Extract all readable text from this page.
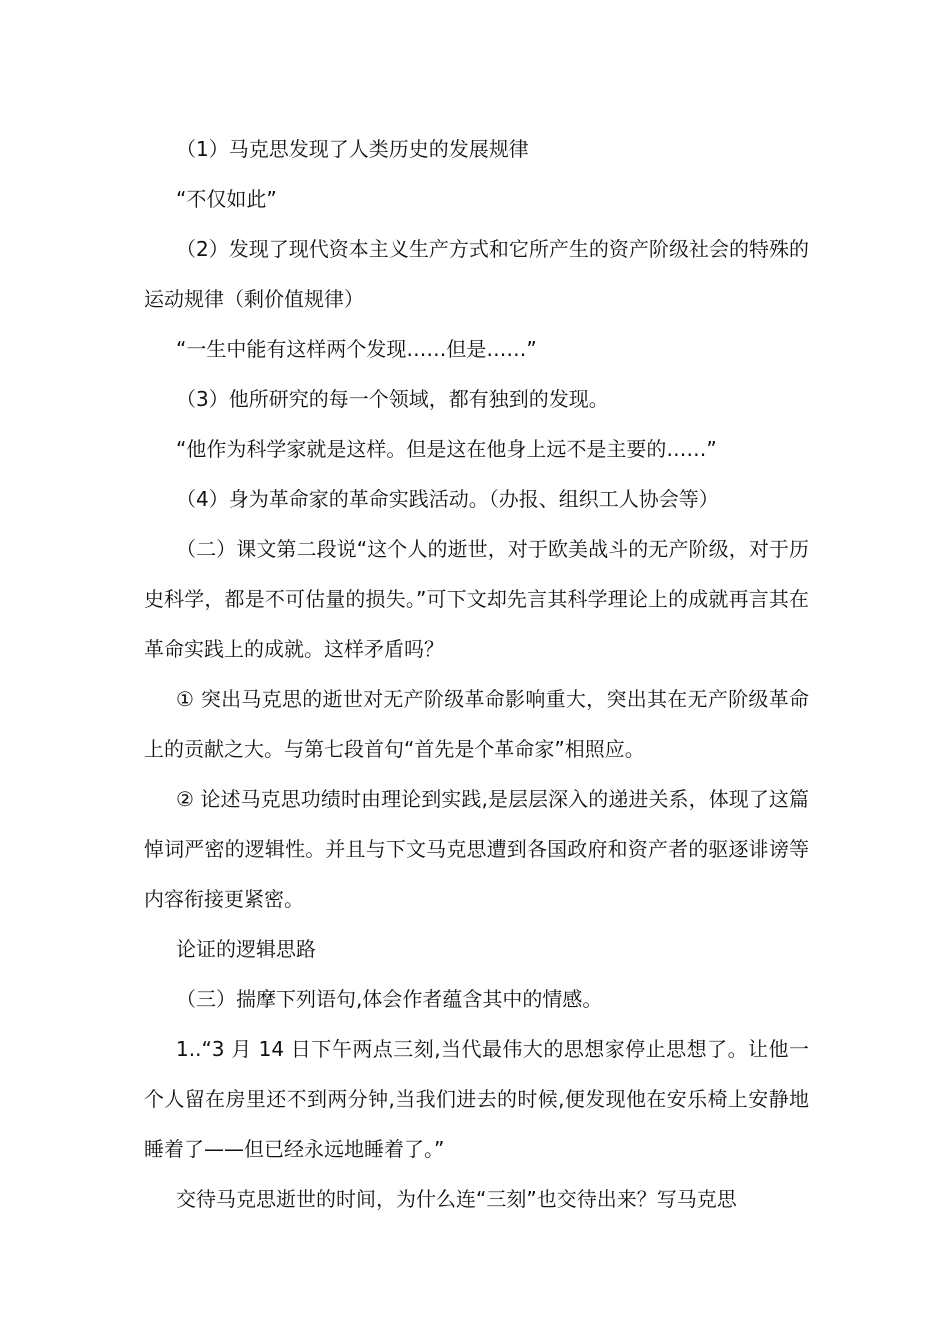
（1）马克思发现了人类历史的发展规律

“不仅如此”

（2）发现了现代资本主义生产方式和它所产生的资产阶级社会的特殊的运动规律（剩价值规律）

“一生中能有这样两个发现……但是……”

（3）他所研究的每一个领域，都有独到的发现。

“他作为科学家就是这样。但是这在他身上远不是主要的……”

（4）身为革命家的革命实践活动。（办报、组织工人协会等）

（二）课文第二段说“这个人的逝世，对于欧美战斗的无产阶级，对于历史科学，都是不可估量的损失。”可下文却先言其科学理论上的成就再言其在革命实践上的成就。这样矛盾吗？

① 突出马克思的逝世对无产阶级革命影响重大，突出其在无产阶级革命上的贡献之大。与第七段首句“首先是个革命家”相照应。

② 论述马克思功绩时由理论到实践,是层层深入的递进关系，体现了这篇悼词严密的逻辑性。并且与下文马克思遭到各国政府和资产者的驱逐诽谤等内容衔接更紧密。

论证的逻辑思路

（三）揣摩下列语句,体会作者蕴含其中的情感。

1..“3 月 14 日下午两点三刻,当代最伟大的思想家停止思想了。让他一个人留在房里还不到两分钟,当我们进去的时候,便发现他在安乐椅上安静地睡着了——但已经永远地睡着了。”

交待马克思逝世的时间，为什么连“三刻”也交待出来？写马克思
